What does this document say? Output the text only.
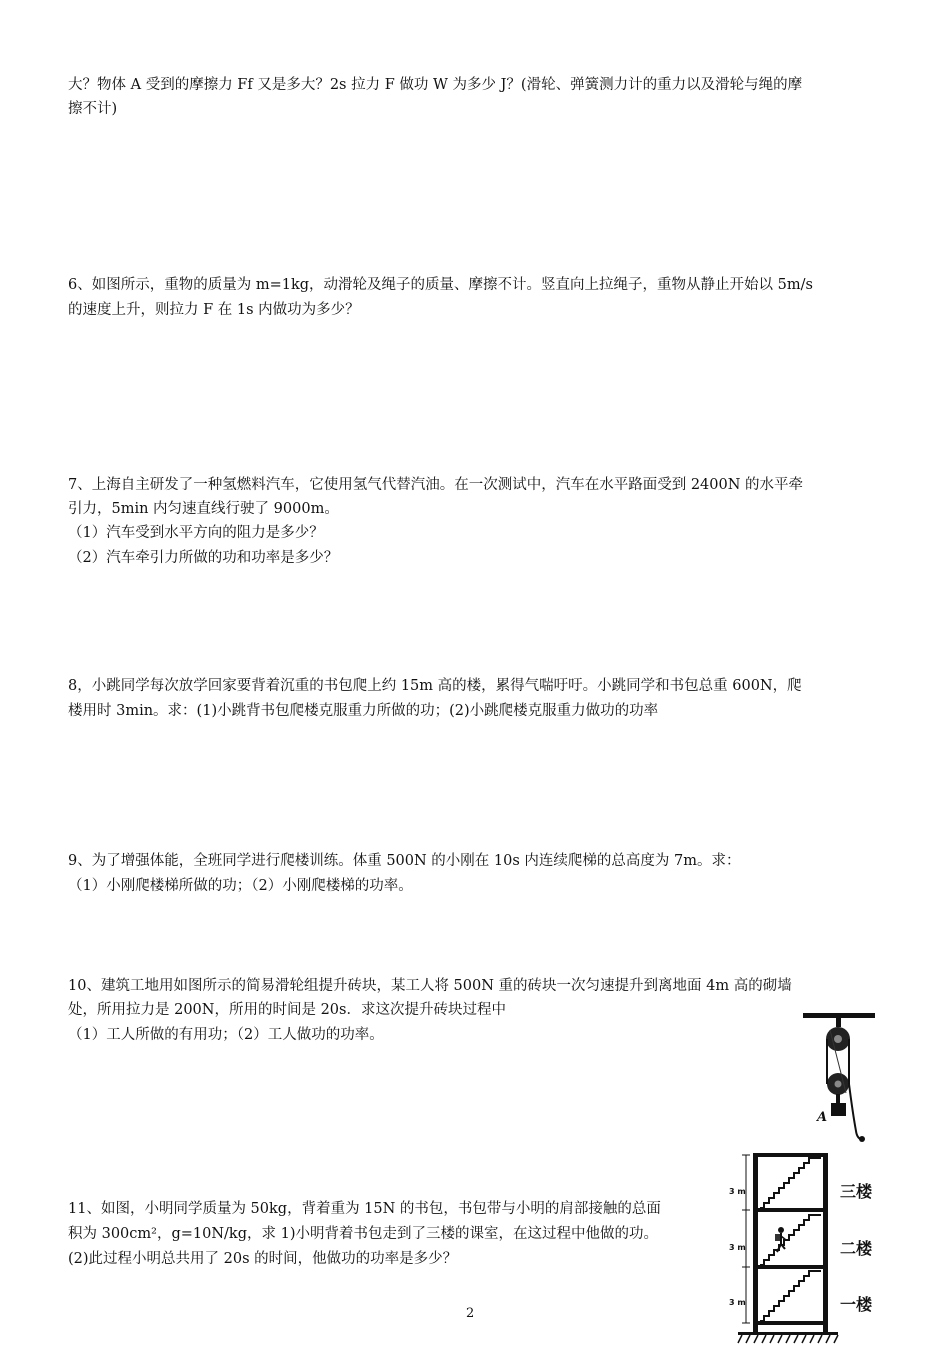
大？物体 A 受到的摩擦力 Ff 又是多大？2s 拉力 F 做功 W 为多少 J？(滑轮、弹簧测力计的重力以及滑轮与绳的摩
擦不计)
6、如图所示，重物的质量为 m=1kg，动滑轮及绳子的质量、摩擦不计。竖直向上拉绳子，重物从静止开始以 5m/s
的速度上升，则拉力 F 在 1s 内做功为多少？
7、上海自主研发了一种氢燃料汽车，它使用氢气代替汽油。在一次测试中，汽车在水平路面受到 2400N 的水平牵
引力，5min 内匀速直线行驶了 9000m。
（1）汽车受到水平方向的阻力是多少？
（2）汽车牵引力所做的功和功率是多少？
8，小跳同学每次放学回家要背着沉重的书包爬上约 15m 高的楼，累得气喘吁吁。小跳同学和书包总重 600N，爬
楼用时 3min。求：(1)小跳背书包爬楼克服重力所做的功；(2)小跳爬楼克服重力做功的功率
9、为了增强体能，全班同学进行爬楼训练。体重 500N 的小刚在 10s 内连续爬梯的总高度为 7m。求：
（1）小刚爬楼梯所做的功；（2）小刚爬楼梯的功率。
10、建筑工地用如图所示的简易滑轮组提升砖块，某工人将 500N 重的砖块一次匀速提升到离地面 4m 高的砌墙
处，所用拉力是 200N，所用的时间是 20s．求这次提升砖块过程中
（1）工人所做的有用功；（2）工人做功的功率。
11、如图，小明同学质量为 50kg，背着重为 15N 的书包，书包带与小明的肩部接触的总面
积为 300cm²，g=10N/kg，求 1)小明背着书包走到了三楼的课室，在这过程中他做的功。
(2)此过程小明总共用了 20s 的时间，他做功的功率是多少？
2
A
3 m
3 m
3 m
三楼
二楼
一楼
